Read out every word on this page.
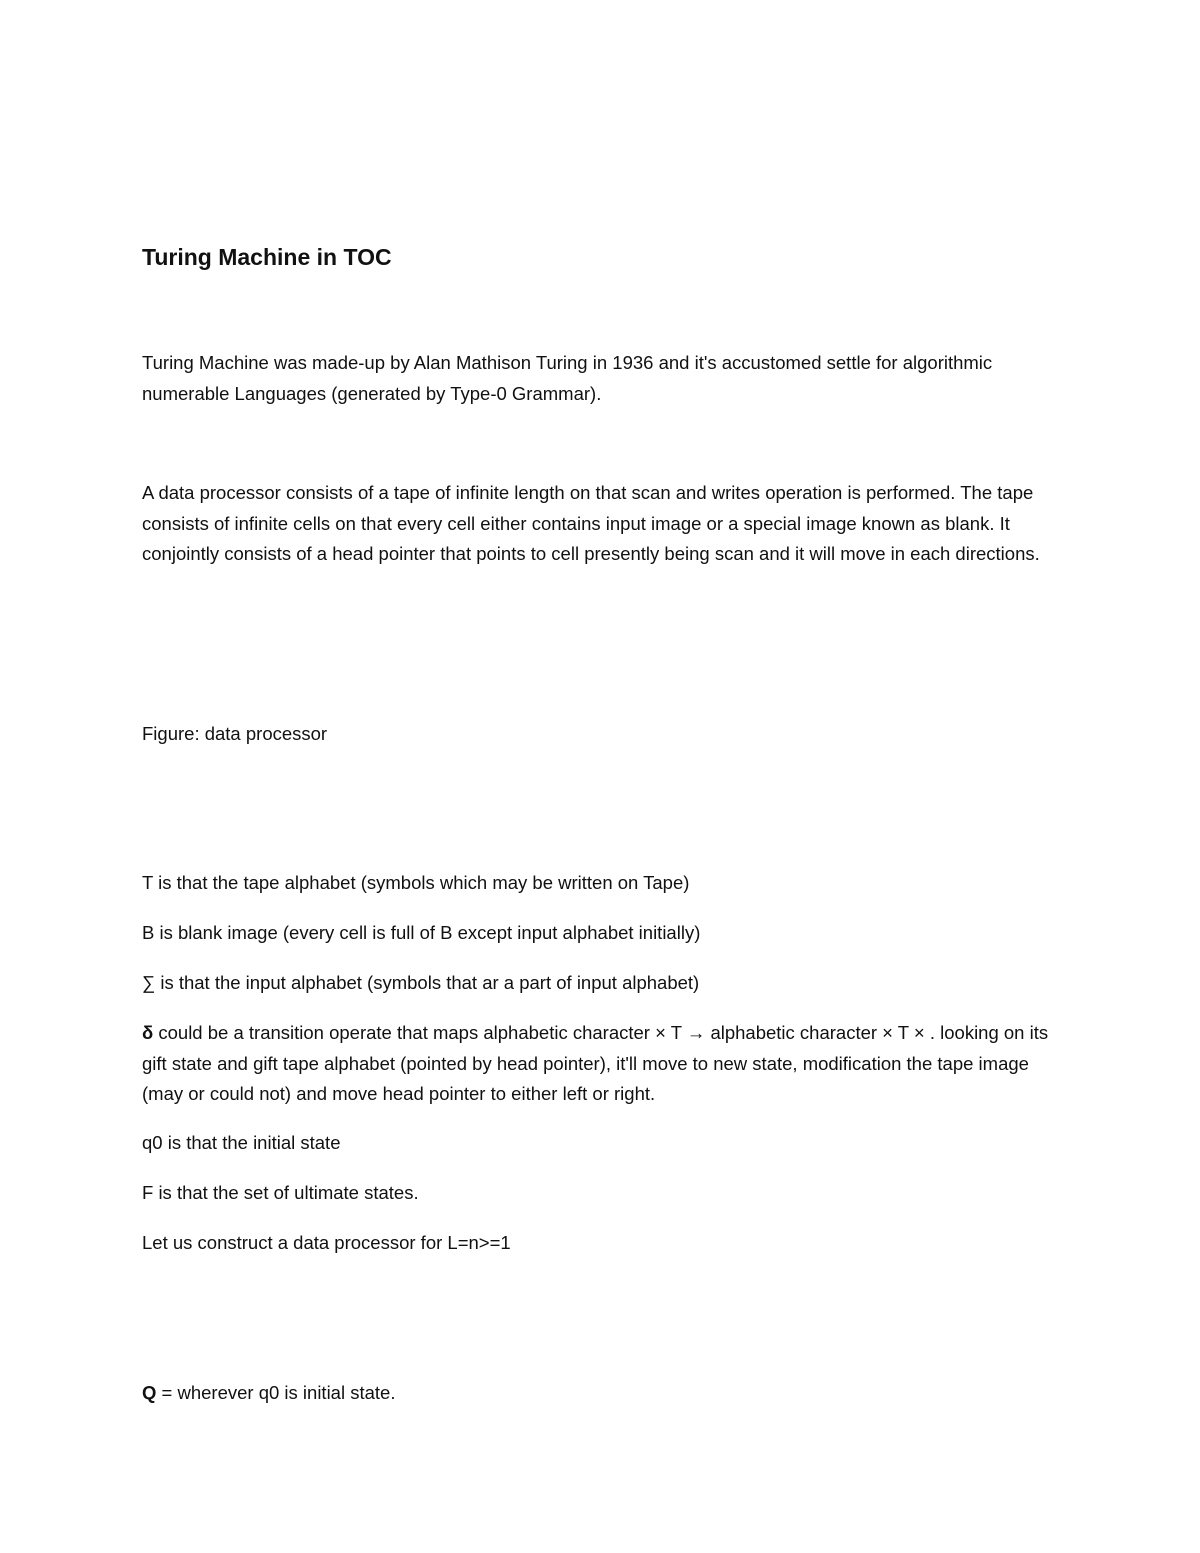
Turing Machine in TOC

Turing Machine was made-up by Alan Mathison Turing in 1936 and it's accustomed settle for algorithmic numerable Languages (generated by Type-0 Grammar).

A data processor consists of a tape of infinite length on that scan and writes operation is performed. The tape consists of infinite cells on that every cell either contains input image or a special image known as blank. It conjointly consists of a head pointer that points to cell presently being scan and it will move in each directions.

Figure: data processor

T is that the tape alphabet (symbols which may be written on Tape)

B is blank image (every cell is full of B except input alphabet initially)

∑ is that the input alphabet (symbols that ar a part of input alphabet)

δ could be a transition operate that maps alphabetic character × T → alphabetic character × T × . looking on its gift state and gift tape alphabet (pointed by head pointer), it'll move to new state, modification the tape image (may or could not) and move head pointer to either left or right.

q0 is that the initial state

F is that the set of ultimate states.

Let us construct a data processor for L=n>=1

Q = wherever q0 is initial state.
